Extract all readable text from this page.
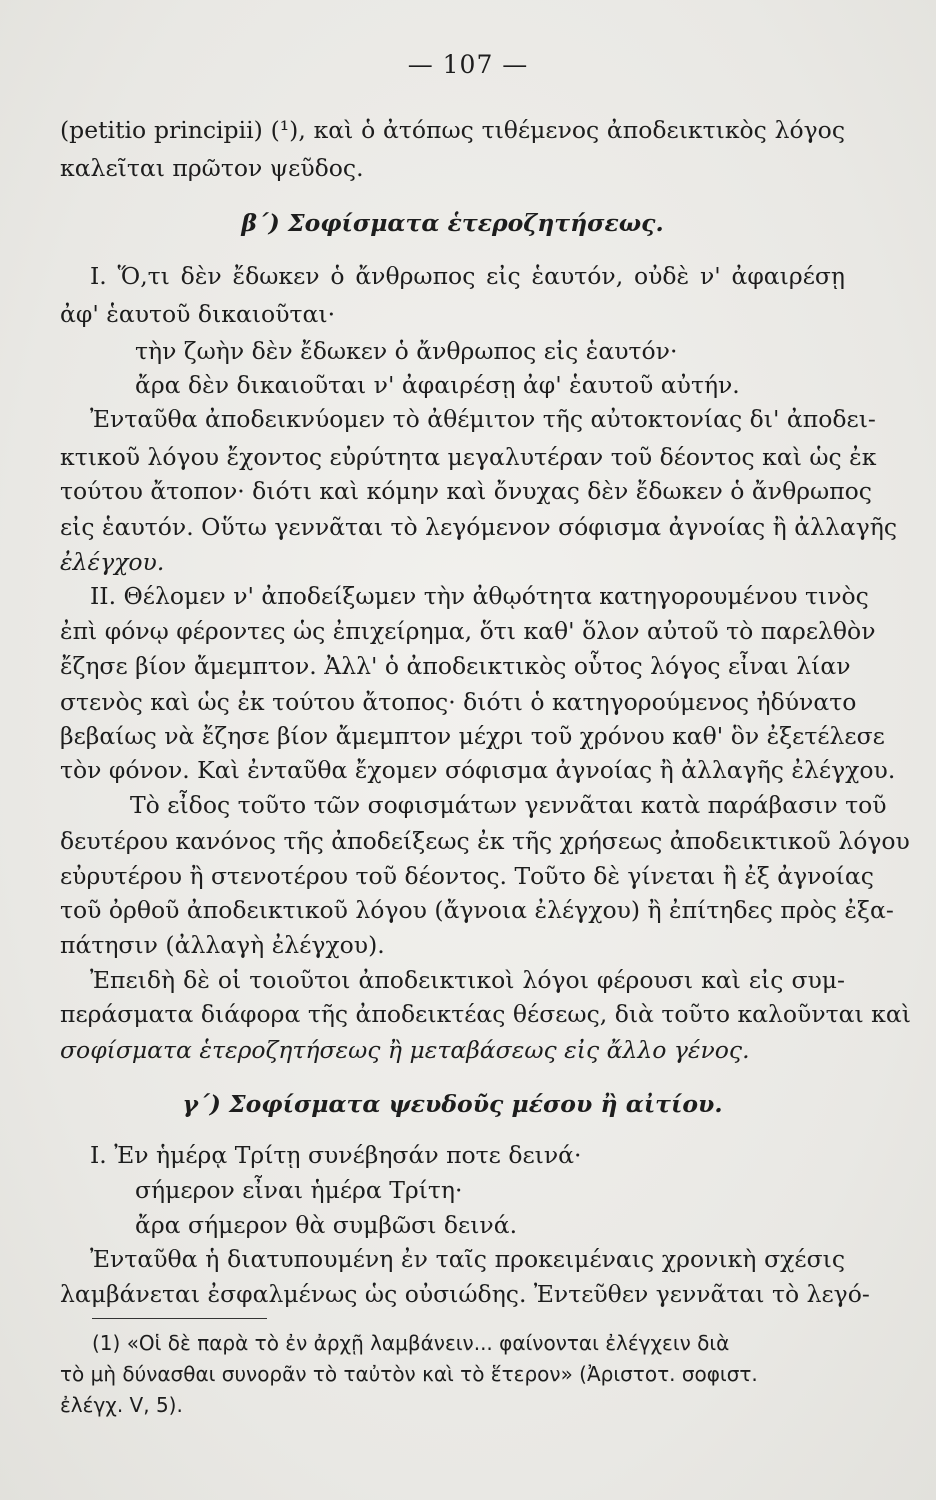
— 107 —
(petitio principii) (¹), καὶ ὁ ἀτόπως τιθέμενος ἀποδεικτικὸς λόγος
καλεῖται πρῶτον ψεῦδος.
β΄) Σοφίσματα ἑτεροζητήσεως.
I. Ὅ,τι δὲν ἔδωκεν ὁ ἄνθρωπος εἰς ἑαυτόν, οὐδὲ ν' ἀφαιρέσῃ
ἀφ' ἑαυτοῦ δικαιοῦται·
τὴν ζωὴν δὲν ἔδωκεν ὁ ἄνθρωπος εἰς ἑαυτόν·
ἄρα δὲν δικαιοῦται ν' ἀφαιρέσῃ ἀφ' ἑαυτοῦ αὐτήν.
Ἐνταῦθα ἀποδεικνύομεν τὸ ἀθέμιτον τῆς αὐτοκτονίας δι' ἀποδει-
κτικοῦ λόγου ἔχοντος εὐρύτητα μεγαλυτέραν τοῦ δέοντος καὶ ὡς ἐκ
τούτου ἄτοπον· διότι καὶ κόμην καὶ ὄνυχας δὲν ἔδωκεν ὁ ἄνθρωπος
εἰς ἑαυτόν. Οὕτω γεννᾶται τὸ λεγόμενον σόφισμα ἀγνοίας ἢ ἀλλαγῆς
ἐλέγχου.
II. Θέλομεν ν' ἀποδείξωμεν τὴν ἀθῳότητα κατηγορουμένου τινὸς
ἐπὶ φόνῳ φέροντες ὡς ἐπιχείρημα, ὅτι καθ' ὅλον αὐτοῦ τὸ παρελθὸν
ἔζησε βίον ἄμεμπτον. Ἀλλ' ὁ ἀποδεικτικὸς οὗτος λόγος εἶναι λίαν
στενὸς καὶ ὡς ἐκ τούτου ἄτοπος· διότι ὁ κατηγορούμενος ἠδύνατο
βεβαίως νὰ ἔζησε βίον ἄμεμπτον μέχρι τοῦ χρόνου καθ' ὃν ἐξετέλεσε
τὸν φόνον. Καὶ ἐνταῦθα ἔχομεν σόφισμα ἀγνοίας ἢ ἀλλαγῆς ἐλέγχου.
Τὸ εἶδος τοῦτο τῶν σοφισμάτων γεννᾶται κατὰ παράβασιν τοῦ
δευτέρου κανόνος τῆς ἀποδείξεως ἐκ τῆς χρήσεως ἀποδεικτικοῦ λόγου
εὐρυτέρου ἢ στενοτέρου τοῦ δέοντος. Τοῦτο δὲ γίνεται ἢ ἐξ ἀγνοίας
τοῦ ὀρθοῦ ἀποδεικτικοῦ λόγου (ἄγνοια ἐλέγχου) ἢ ἐπίτηδες πρὸς ἐξα-
πάτησιν (ἀλλαγὴ ἐλέγχου).
Ἐπειδὴ δὲ οἱ τοιοῦτοι ἀποδεικτικοὶ λόγοι φέρουσι καὶ εἰς συμ-
περάσματα διάφορα τῆς ἀποδεικτέας θέσεως, διὰ τοῦτο καλοῦνται καὶ
σοφίσματα ἑτεροζητήσεως ἢ μεταβάσεως εἰς ἄλλο γένος.
γ΄) Σοφίσματα ψευδοῦς μέσου ἢ αἰτίου.
I. Ἐν ἡμέρᾳ Τρίτῃ συνέβησάν ποτε δεινά·
σήμερον εἶναι ἡμέρα Τρίτη·
ἄρα σήμερον θὰ συμβῶσι δεινά.
Ἐνταῦθα ἡ διατυπουμένη ἐν ταῖς προκειμέναις χρονικὴ σχέσις
λαμβάνεται ἐσφαλμένως ὡς οὐσιώδης. Ἐντεῦθεν γεννᾶται τὸ λεγό-
(1) «Οἱ δὲ παρὰ τὸ ἐν ἀρχῇ λαμβάνειν... φαίνονται ἐλέγχειν διὰ
τὸ μὴ δύνασθαι συνορᾶν τὸ ταὐτὸν καὶ τὸ ἕτερον» (Ἀριστοτ. σοφιστ.
ἐλέγχ. V, 5).
